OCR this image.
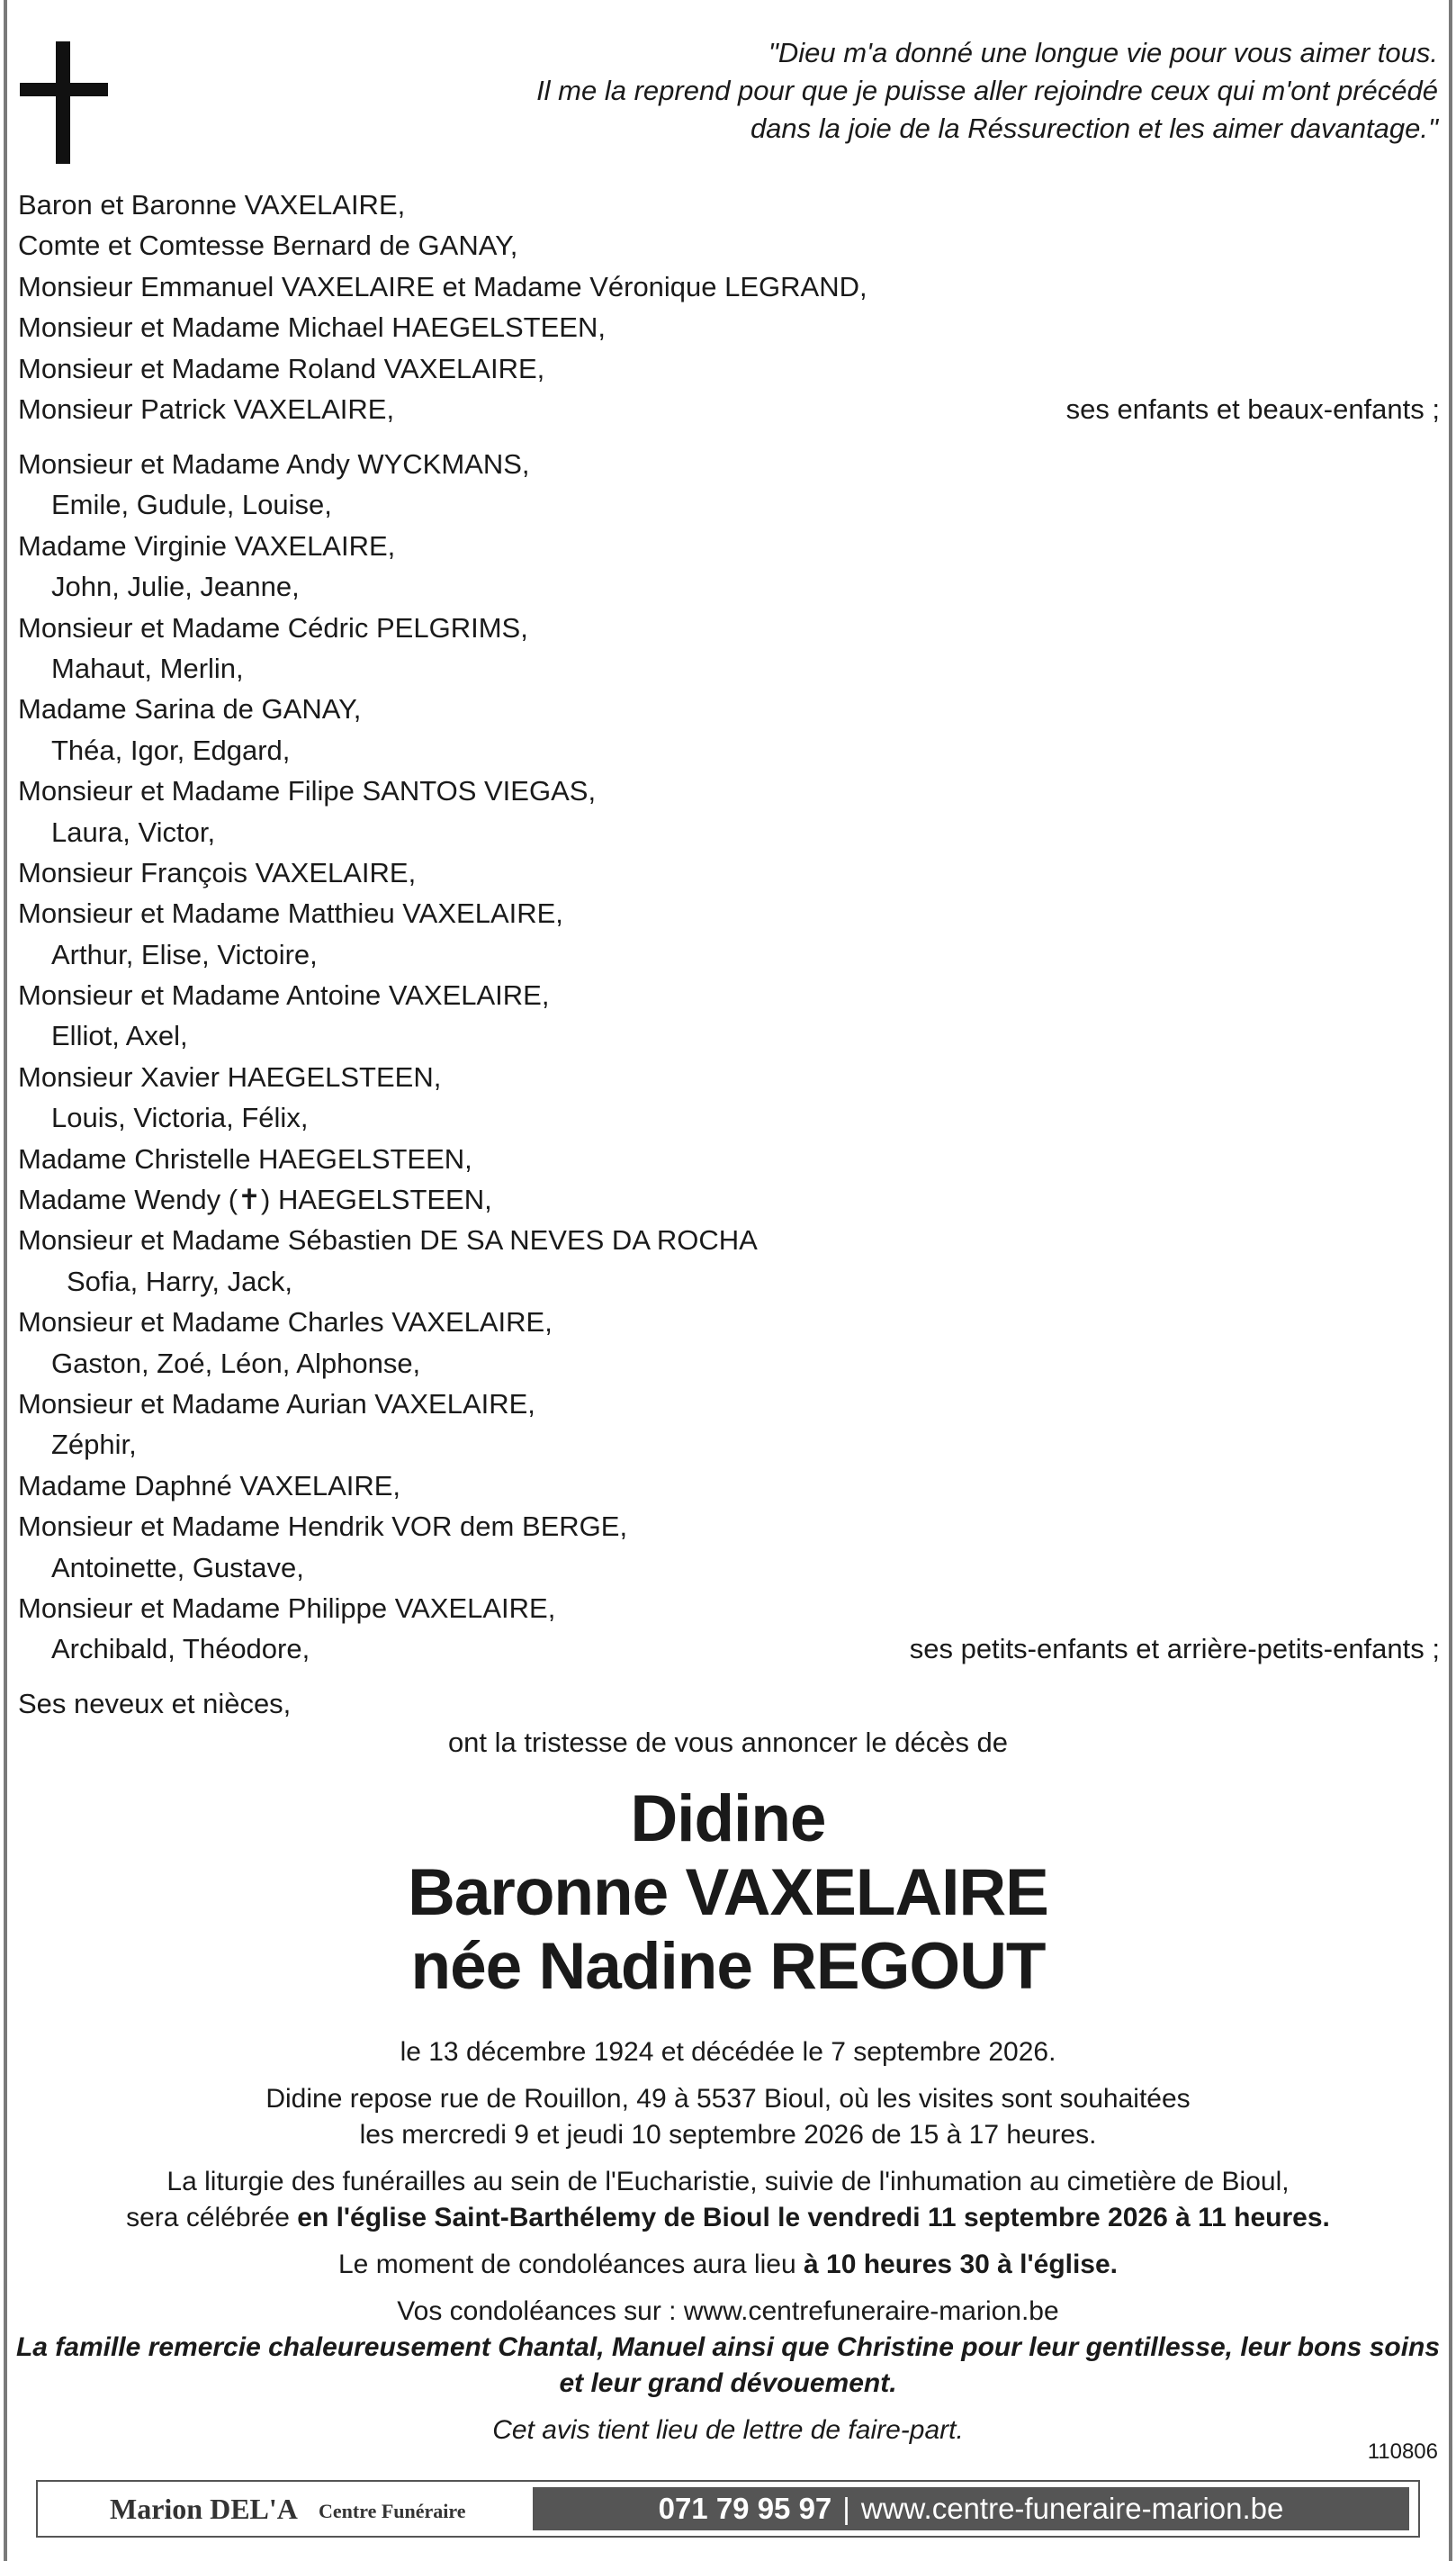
"Dieu m'a donné une longue vie pour vous aimer tous.
Il me la reprend pour que je puisse aller rejoindre ceux qui m'ont précédé
dans la joie de la Réssurection et les aimer davantage."
Baron et Baronne VAXELAIRE,
Comte et Comtesse Bernard de GANAY,
Monsieur Emmanuel VAXELAIRE et Madame Véronique LEGRAND,
Monsieur et Madame Michael HAEGELSTEEN,
Monsieur et Madame Roland VAXELAIRE,
Monsieur Patrick VAXELAIRE,	ses enfants et beaux-enfants ;
Monsieur et Madame Andy WYCKMANS,
Emile, Gudule, Louise,
Madame Virginie VAXELAIRE,
John, Julie, Jeanne,
Monsieur et Madame Cédric PELGRIMS,
Mahaut, Merlin,
Madame Sarina de GANAY,
Théa, Igor, Edgard,
Monsieur et Madame Filipe SANTOS VIEGAS,
Laura, Victor,
Monsieur François VAXELAIRE,
Monsieur et Madame Matthieu VAXELAIRE,
Arthur, Elise, Victoire,
Monsieur et Madame Antoine VAXELAIRE,
Elliot, Axel,
Monsieur Xavier HAEGELSTEEN,
Louis, Victoria, Félix,
Madame Christelle HAEGELSTEEN,
Madame Wendy (✝) HAEGELSTEEN,
Monsieur et Madame Sébastien DE SA NEVES DA ROCHA
Sofia, Harry, Jack,
Monsieur et Madame Charles VAXELAIRE,
Gaston, Zoé, Léon, Alphonse,
Monsieur et Madame Aurian VAXELAIRE,
Zéphir,
Madame Daphné VAXELAIRE,
Monsieur et Madame Hendrik VOR dem BERGE,
Antoinette, Gustave,
Monsieur et Madame Philippe VAXELAIRE,
Archibald, Théodore,	ses petits-enfants et arrière-petits-enfants ;
Ses neveux et nièces,
ont la tristesse de vous annoncer le décès de
Didine
Baronne VAXELAIRE
née Nadine REGOUT
le 13 décembre 1924 et décédée le 7 septembre 2026.
Didine repose rue de Rouillon, 49 à 5537 Bioul, où les visites sont souhaitées
les mercredi 9 et jeudi 10 septembre 2026 de 15 à 17 heures.
La liturgie des funérailles au sein de l'Eucharistie, suivie de l'inhumation au cimetière de Bioul,
sera célébrée en l'église Saint-Barthélemy de Bioul le vendredi 11 septembre 2026 à 11 heures.
Le moment de condoléances aura lieu à 10 heures 30 à l'église.
Vos condoléances sur : www.centrefuneraire-marion.be
La famille remercie chaleureusement Chantal, Manuel ainsi que Christine pour leur gentillesse, leur bons soins
et leur grand dévouement.
Cet avis tient lieu de lettre de faire-part.
110806
Marion DEL'A Centre Funéraire	071 79 95 97 | www.centre-funeraire-marion.be
